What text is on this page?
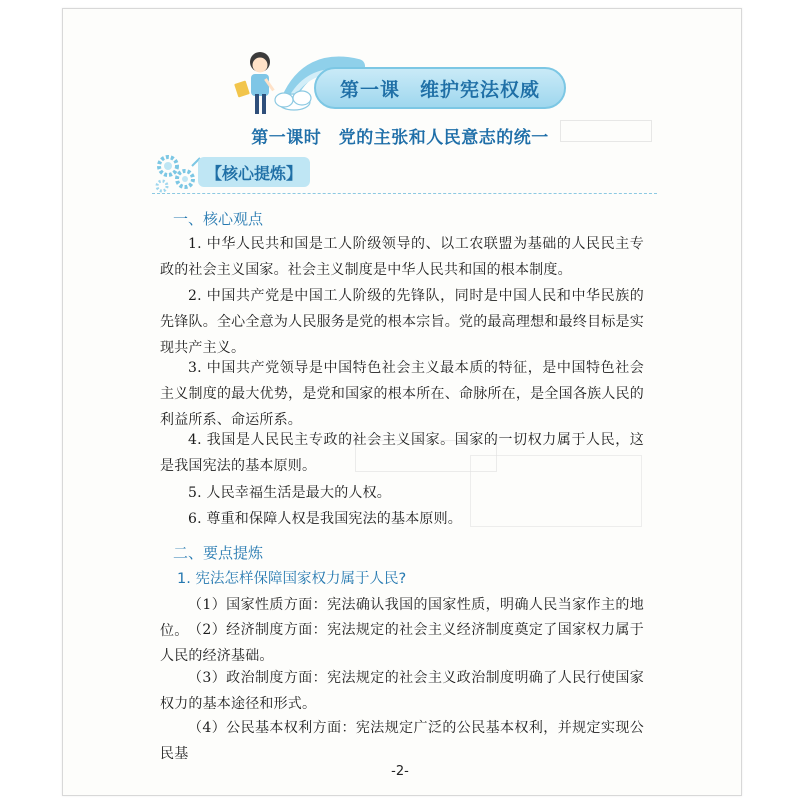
第一课　维护宪法权威
第一课时　党的主张和人民意志的统一
【核心提炼】
一、核心观点

1. 中华人民共和国是工人阶级领导的、以工农联盟为基础的人民民主专政的社会主义国家。社会主义制度是中华人民共和国的根本制度。

2. 中国共产党是中国工人阶级的先锋队，同时是中国人民和中华民族的先锋队。全心全意为人民服务是党的根本宗旨。党的最高理想和最终目标是实现共产主义。

3. 中国共产党领导是中国特色社会主义最本质的特征，是中国特色社会主义制度的最大优势，是党和国家的根本所在、命脉所在，是全国各族人民的利益所系、命运所系。

4. 我国是人民民主专政的社会主义国家。国家的一切权力属于人民，这是我国宪法的基本原则。

5. 人民幸福生活是最大的人权。

6. 尊重和保障人权是我国宪法的基本原则。

二、要点提炼
1. 宪法怎样保障国家权力属于人民?

（1）国家性质方面：宪法确认我国的国家性质，明确人民当家作主的地位。 （2）经济制度方面：宪法规定的社会主义经济制度奠定了国家权力属于人民的经济基础。

（3）政治制度方面：宪法规定的社会主义政治制度明确了人民行使国家权力的基本途径和形式。

（4）公民基本权利方面：宪法规定广泛的公民基本权利，并规定实现公民基

-2-
